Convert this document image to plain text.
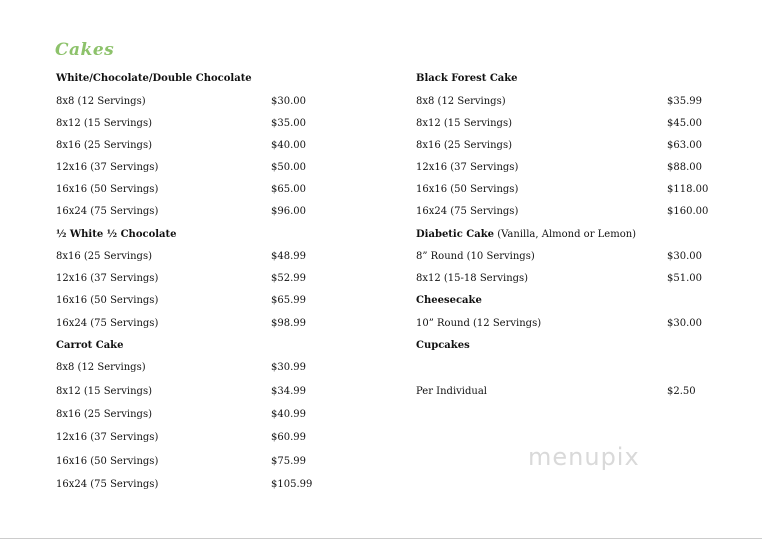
Cakes
White/Chocolate/Double Chocolate
8x8 (12 Servings)	$30.00
8x12 (15 Servings)	$35.00
8x16 (25 Servings)	$40.00
12x16 (37 Servings)	$50.00
16x16 (50 Servings)	$65.00
16x24 (75 Servings)	$96.00
½ White ½ Chocolate
8x16 (25 Servings)	$48.99
12x16 (37 Servings)	$52.99
16x16 (50 Servings)	$65.99
16x24 (75 Servings)	$98.99
Carrot Cake
8x8 (12 Servings)	$30.99
8x12 (15 Servings)	$34.99
8x16 (25 Servings)	$40.99
12x16 (37 Servings)	$60.99
16x16 (50 Servings)	$75.99
16x24 (75 Servings)	$105.99
Black Forest Cake
8x8 (12 Servings)	$35.99
8x12 (15 Servings)	$45.00
8x16 (25 Servings)	$63.00
12x16 (37 Servings)	$88.00
16x16 (50 Servings)	$118.00
16x24 (75 Servings)	$160.00
Diabetic Cake (Vanilla, Almond or Lemon)
8” Round (10 Servings)	$30.00
8x12 (15-18 Servings)	$51.00
Cheesecake
10” Round (12 Servings)	$30.00
Cupcakes
Per Individual	$2.50
menupix
